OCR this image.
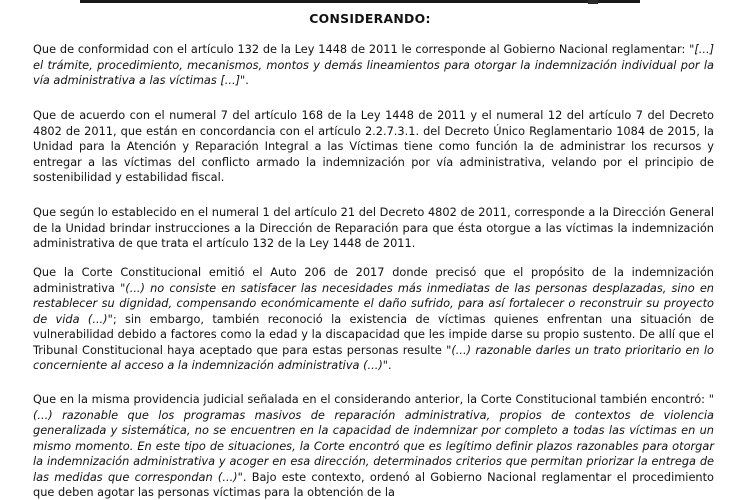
CONSIDERANDO:

Que de conformidad con el artículo 132 de la Ley 1448 de 2011 le corresponde al Gobierno Nacional reglamentar: "[...] el trámite, procedimiento, mecanismos, montos y demás lineamientos para otorgar la indemnización individual por la vía administrativa a las víctimas [...]".

Que de acuerdo con el numeral 7 del artículo 168 de la Ley 1448 de 2011 y el numeral 12 del artículo 7 del Decreto 4802 de 2011, que están en concordancia con el artículo 2.2.7.3.1. del Decreto Único Reglamentario 1084 de 2015, la Unidad para la Atención y Reparación Integral a las Víctimas tiene como función la de administrar los recursos y entregar a las víctimas del conflicto armado la indemnización por vía administrativa, velando por el principio de sostenibilidad y estabilidad fiscal.

Que según lo establecido en el numeral 1 del artículo 21 del Decreto 4802 de 2011, corresponde a la Dirección General de la Unidad brindar instrucciones a la Dirección de Reparación para que ésta otorgue a las víctimas la indemnización administrativa de que trata el artículo 132 de la Ley 1448 de 2011.

Que la Corte Constitucional emitió el Auto 206 de 2017 donde precisó que el propósito de la indemnización administrativa "(...) no consiste en satisfacer las necesidades más inmediatas de las personas desplazadas, sino en restablecer su dignidad, compensando económicamente el daño sufrido, para así fortalecer o reconstruir su proyecto de vida (...)"; sin embargo, también reconoció la existencia de víctimas quienes enfrentan una situación de vulnerabilidad debido a factores como la edad y la discapacidad que les impide darse su propio sustento. De allí que el Tribunal Constitucional haya aceptado que para estas personas resulte "(...) razonable darles un trato prioritario en lo concerniente al acceso a la indemnización administrativa (...)".

Que en la misma providencia judicial señalada en el considerando anterior, la Corte Constitucional también encontró: "(...) razonable que los programas masivos de reparación administrativa, propios de contextos de violencia generalizada y sistemática, no se encuentren en la capacidad de indemnizar por completo a todas las víctimas en un mismo momento. En este tipo de situaciones, la Corte encontró que es legítimo definir plazos razonables para otorgar la indemnización administrativa y acoger en esa dirección, determinados criterios que permitan priorizar la entrega de las medidas que correspondan (...)". Bajo este contexto, ordenó al Gobierno Nacional reglamentar el procedimiento que deben agotar las personas víctimas para la obtención de la
